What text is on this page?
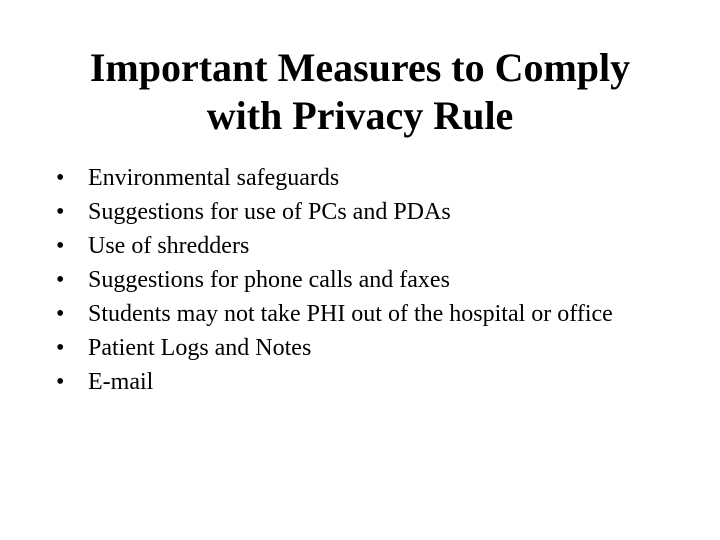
Important Measures to Comply
with Privacy Rule
• Environmental safeguards
• Suggestions for use of PCs and PDAs
• Use of shredders
• Suggestions for phone calls and faxes
• Students may not take PHI out of the hospital or office
• Patient Logs and Notes
• E-mail
